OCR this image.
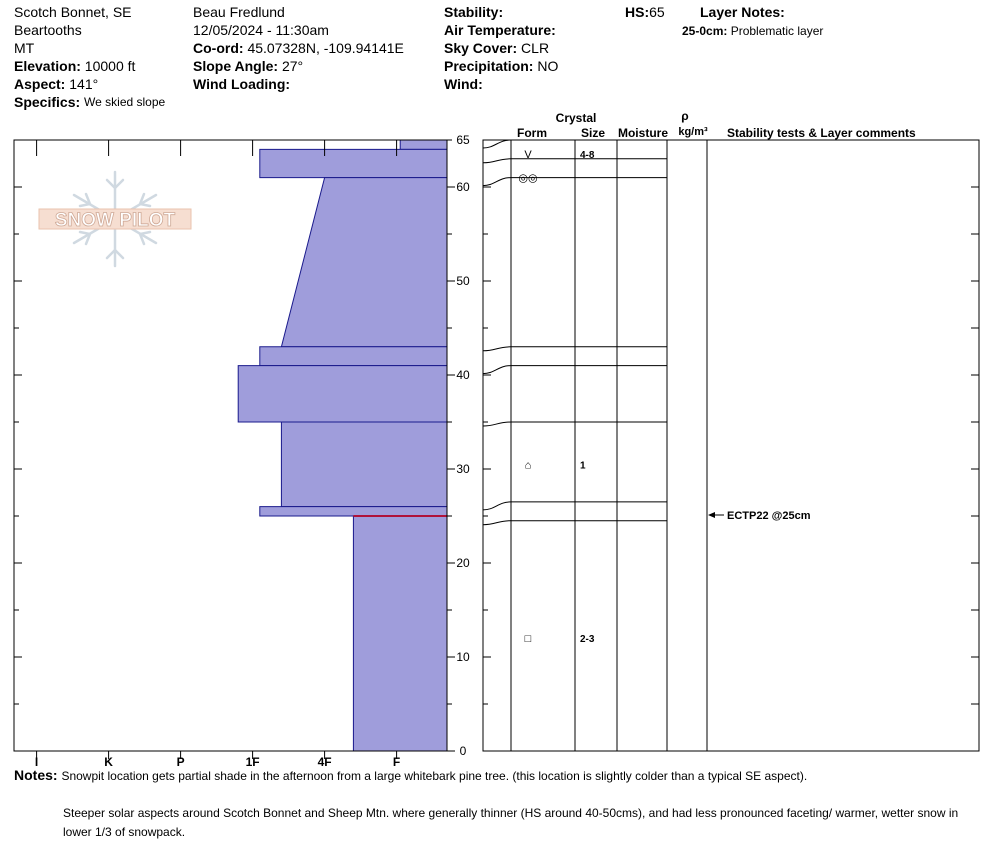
Scotch Bonnet, SE
Beartooths
MT
Elevation: 10000 ft
Aspect: 141°
Specifics: We skied slope
Beau Fredlund
12/05/2024 - 11:30am
Co-ord: 45.07328N, -109.94141E
Slope Angle: 27°
Wind Loading:
Stability:
Air Temperature:
Sky Cover: CLR
Precipitation: NO
Wind:
HS:65	Layer Notes:
25-0cm: Problematic layer
SNOW PILOT
I	K	P	1F	4F	F
0
10
20
30
40
50
60
65
Crystal
Form	Size Moisture
ρ
kg/m³ Stability tests & Layer comments
V	4-8
◎◎
⌂	1
□	2-3
ECTP22 @25cm
Notes: Snowpit location gets partial shade in the afternoon from a large whitebark pine tree. (this location is slightly colder than a typical SE aspect).
Steeper solar aspects around Scotch Bonnet and Sheep Mtn. where generally thinner (HS around 40-50cms), and had less pronounced faceting/ warmer, wetter snow in
lower 1/3 of snowpack.
